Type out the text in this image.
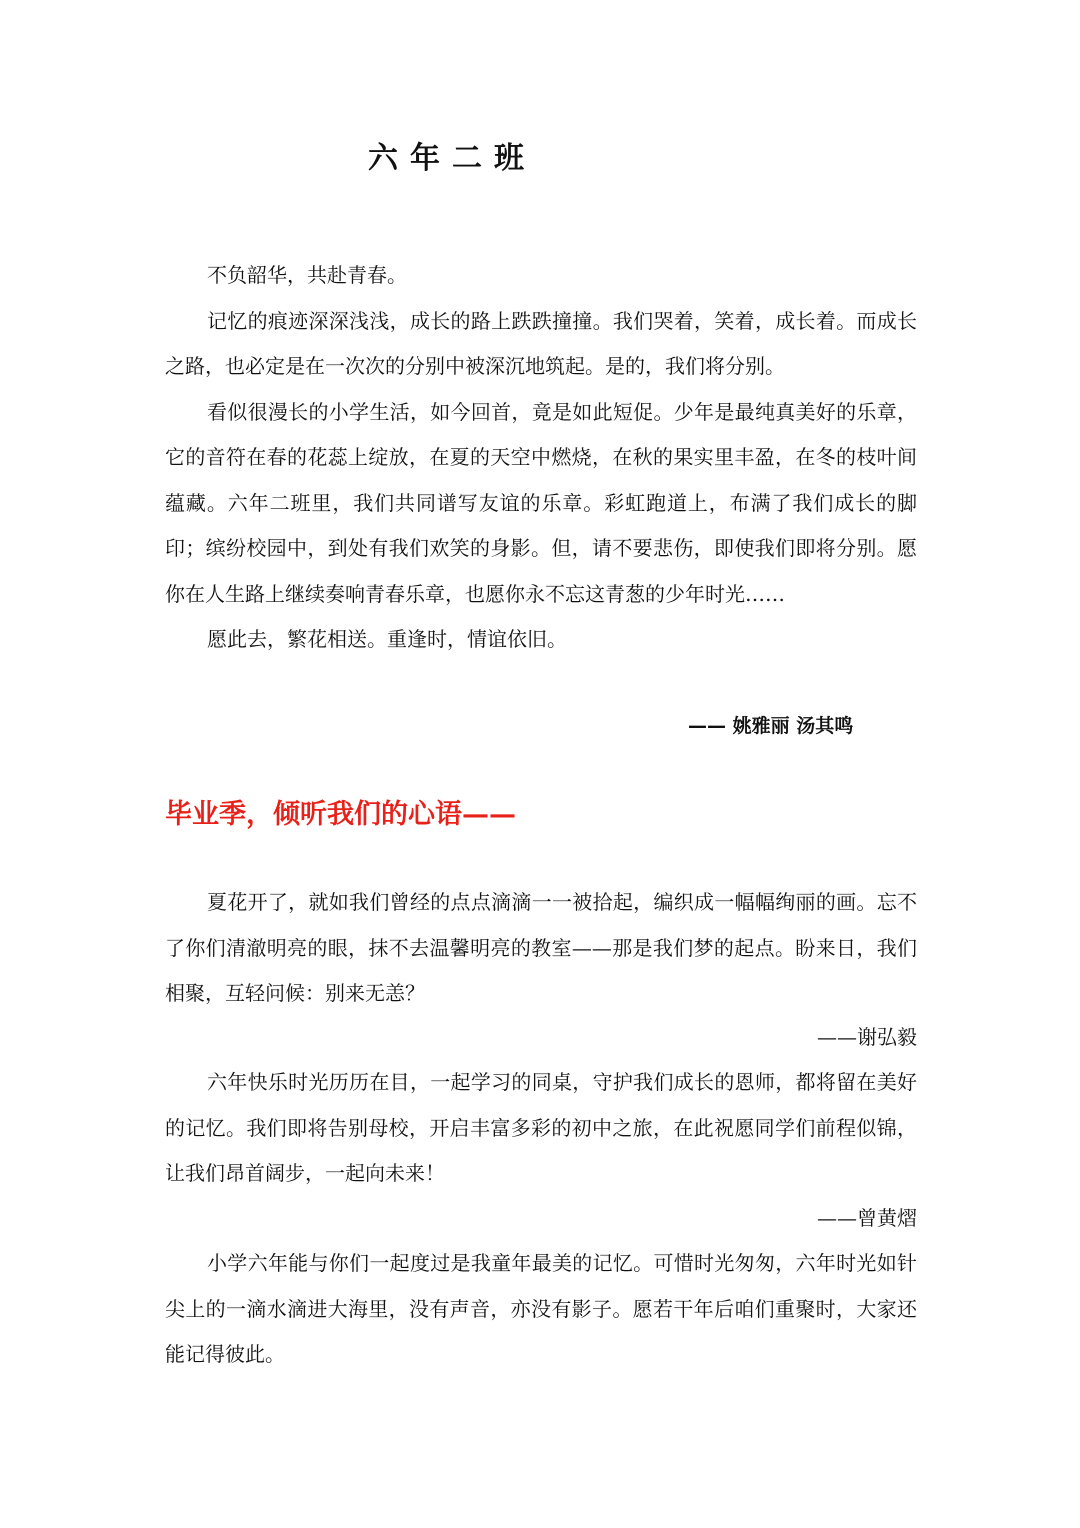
六年二班

不负韶华，共赴青春。

记忆的痕迹深深浅浅，成长的路上跌跌撞撞。我们哭着，笑着，成长着。而成长之路，也必定是在一次次的分别中被深沉地筑起。是的，我们将分别。

看似很漫长的小学生活，如今回首，竟是如此短促。少年是最纯真美好的乐章，它的音符在春的花蕊上绽放，在夏的天空中燃烧，在秋的果实里丰盈，在冬的枝叶间蕴藏。六年二班里，我们共同谱写友谊的乐章。彩虹跑道上，布满了我们成长的脚印；缤纷校园中，到处有我们欢笑的身影。但，请不要悲伤，即使我们即将分别。愿你在人生路上继续奏响青春乐章，也愿你永不忘这青葱的少年时光……

愿此去，繁花相送。重逢时，情谊依旧。

—— 姚雅丽 汤其鸣
毕业季，倾听我们的心语——

夏花开了，就如我们曾经的点点滴滴一一被拾起，编织成一幅幅绚丽的画。忘不了你们清澈明亮的眼，抹不去温馨明亮的教室——那是我们梦的起点。盼来日，我们相聚，互轻问候：别来无恙？

——谢弘毅

六年快乐时光历历在目，一起学习的同桌，守护我们成长的恩师，都将留在美好的记忆。我们即将告别母校，开启丰富多彩的初中之旅，在此祝愿同学们前程似锦，让我们昂首阔步，一起向未来！

——曾黄熠

小学六年能与你们一起度过是我童年最美的记忆。可惜时光匆匆，六年时光如针尖上的一滴水滴进大海里，没有声音，亦没有影子。愿若干年后咱们重聚时，大家还能记得彼此。
